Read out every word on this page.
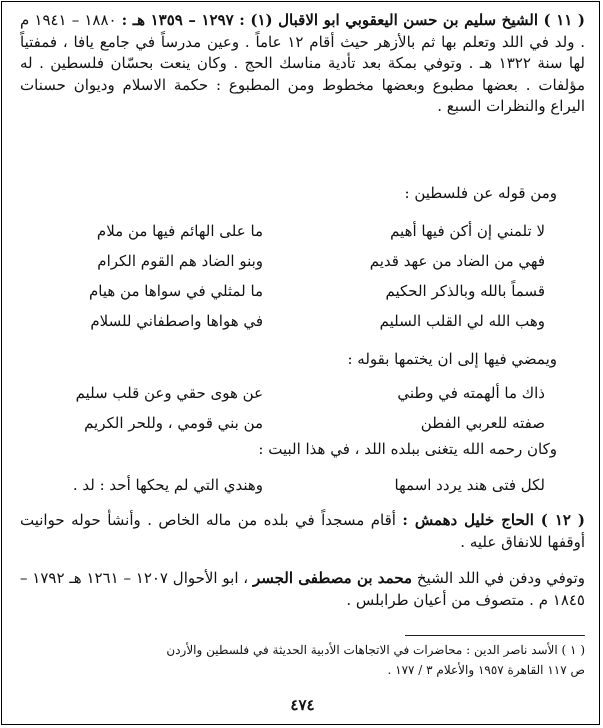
( ١١ ) الشيخ سليم بن حسن اليعقوبي ابو الاقبال (١) : ١٢٩٧ – ١٣٥٩ هـ : ١٨٨٠ – ١٩٤١ م . ولد في اللد وتعلم بها ثم بالأزهر حيث أقام ١٢ عاماً . وعين مدرساً في جامع يافا ، فمفتياً لها سنة ١٣٢٢ هـ . وتوفي بمكة بعد تأدية مناسك الحج . وكان ينعت بحسّان فلسطين . له مؤلفات . بعضها مطبوع وبعضها مخطوط ومن المطبوع : حكمة الاسلام وديوان حسنات اليراع والنظرات السبع .

ومن قوله عن فلسطين :

لا تلمني إن أكن فيها أهيم
ما على الهائم فيها من ملام
فهي من الضاد من عهد قديم
وبنو الضاد هم القوم الكرام
قسماً بالله وبالذكر الحكيم
ما لمثلي في سواها من هيام
وهب الله لي القلب السليم
في هواها واصطفاني للسلام

ويمضي فيها إلى ان يختمها بقوله :

ذاك ما ألهمته في وطني
عن هوى حقي وعن قلب سليم
صفته للعربي الفطن
من بني قومي ، وللحر الكريم

وكان رحمه الله يتغنى ببلده اللد ، في هذا البيت :

لكل فتى هند يردد اسمها
وهندي التي لم يحكها أحد : لد .

( ١٢ ) الحاج خليل دهمش : أقام مسجداً في بلده من ماله الخاص . وأنشأ حوله حوانيت أوقفها للانفاق عليه .

وتوفي ودفن في اللد الشيخ محمد بن مصطفى الجسر ، ابو الأحوال ١٢٠٧ – ١٢٦١ هـ ١٧٩٢ – ١٨٤٥ م . متصوف من أعيان طرابلس .

( ١ ) الأسد ناصر الدين : محاضرات في الاتجاهات الأدبية الحديثة في فلسطين والأردن
ص ١١٧ القاهرة ١٩٥٧ والأعلام ٣ / ١٧٧ .
٤٧٤
